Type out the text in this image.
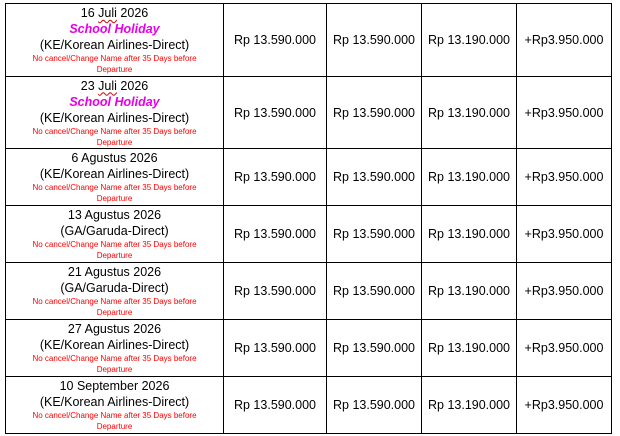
16 Juli 2026
School Holiday
(KE/Korean Airlines-Direct)
No cancel/Change Name after 35 Days before Departure	Rp 13.590.000	Rp 13.590.000	Rp 13.190.000	+Rp3.950.000

23 Juli 2026
School Holiday
(KE/Korean Airlines-Direct)
No cancel/Change Name after 35 Days before Departure	Rp 13.590.000	Rp 13.590.000	Rp 13.190.000	+Rp3.950.000

6 Agustus 2026
(KE/Korean Airlines-Direct)
No cancel/Change Name after 35 Days before Departure	Rp 13.590.000	Rp 13.590.000	Rp 13.190.000	+Rp3.950.000

13 Agustus 2026
(GA/Garuda-Direct)
No cancel/Change Name after 35 Days before Departure	Rp 13.590.000	Rp 13.590.000	Rp 13.190.000	+Rp3.950.000

21 Agustus 2026
(GA/Garuda-Direct)
No cancel/Change Name after 35 Days before Departure	Rp 13.590.000	Rp 13.590.000	Rp 13.190.000	+Rp3.950.000

27 Agustus 2026
(KE/Korean Airlines-Direct)
No cancel/Change Name after 35 Days before Departure	Rp 13.590.000	Rp 13.590.000	Rp 13.190.000	+Rp3.950.000

10 September 2026
(KE/Korean Airlines-Direct)
No cancel/Change Name after 35 Days before Departure	Rp 13.590.000	Rp 13.590.000	Rp 13.190.000	+Rp3.950.000
